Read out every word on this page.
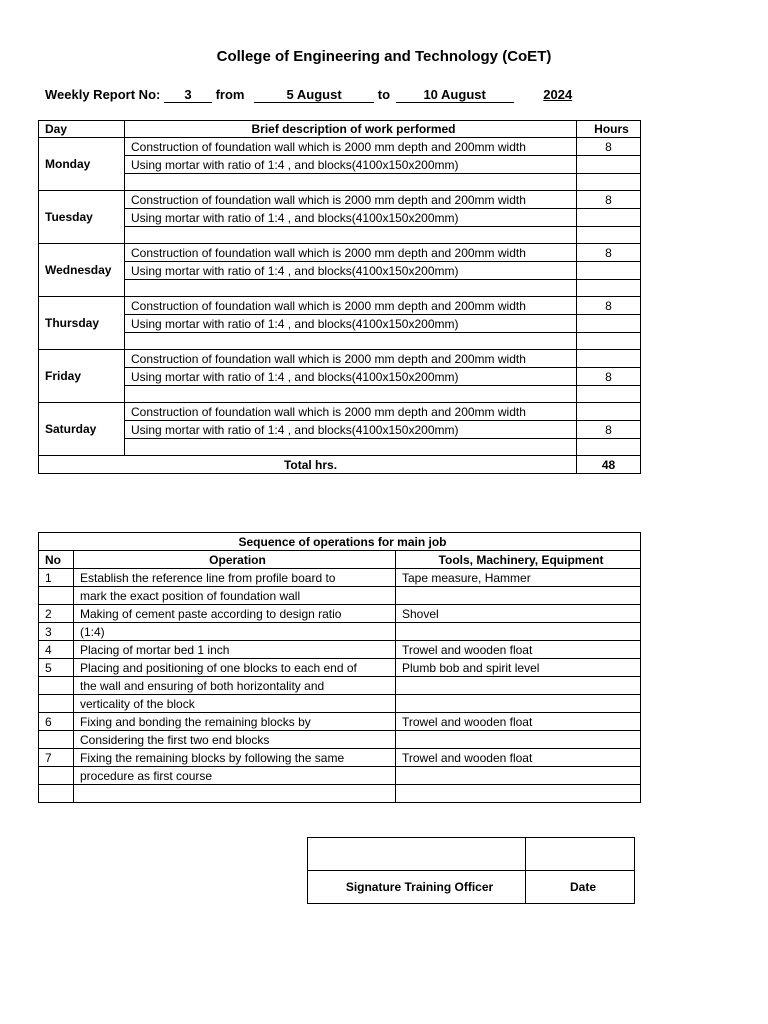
College of Engineering and Technology (CoET)
Weekly Report No: 3 from	5 August	to	10 August	2024
Day	Brief description of work performed	Hours
Monday	Construction of foundation wall which is 2000 mm depth and 200mm width	8
	Using mortar with ratio of 1:4 , and blocks(4100x150x200mm)	

Tuesday	Construction of foundation wall which is 2000 mm depth and 200mm width	8
	Using mortar with ratio of 1:4 , and blocks(4100x150x200mm)	

Wednesday	Construction of foundation wall which is 2000 mm depth and 200mm width	8
	Using mortar with ratio of 1:4 , and blocks(4100x150x200mm)	

Thursday	Construction of foundation wall which is 2000 mm depth and 200mm width	8
	Using mortar with ratio of 1:4 , and blocks(4100x150x200mm)	

Friday	Construction of foundation wall which is 2000 mm depth and 200mm width	
	Using mortar with ratio of 1:4 , and blocks(4100x150x200mm)	8

Saturday	Construction of foundation wall which is 2000 mm depth and 200mm width	
	Using mortar with ratio of 1:4 , and blocks(4100x150x200mm)	8

Total hrs.		48
Sequence of operations for main job		
No	Operation	Tools, Machinery, Equipment
1	Establish the reference line from profile board to	Tape measure, Hammer
	mark the exact position of foundation wall	
2	Making of cement paste according to design ratio	Shovel
3	(1:4)	
4	Placing of mortar bed 1 inch	Trowel and wooden float
5	Placing and positioning of one blocks to each end of	Plumb bob and spirit level
	the wall and ensuring of both horizontality and	
	verticality of the block	
6	Fixing and bonding the remaining blocks by	Trowel and wooden float
	Considering the first two end blocks	
7	Fixing the remaining blocks by following the same	Trowel and wooden float
	procedure as first course	

Signature Training Officer	Date
